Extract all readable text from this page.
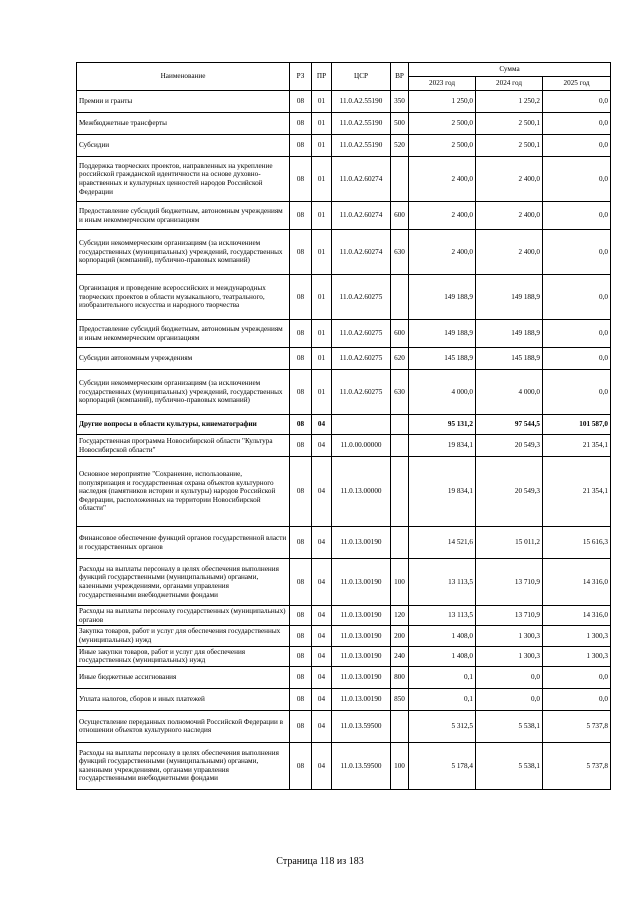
Наименование	РЗ	ПР	ЦСР	ВР	Сумма		
					2023 год	2024 год	2025 год
Премии и гранты	08	01	11.0.A2.55190	350	1 250,0	1 250,2	0,0
Межбюджетные трансферты	08	01	11.0.A2.55190	500	2 500,0	2 500,1	0,0
Субсидии	08	01	11.0.A2.55190	520	2 500,0	2 500,1	0,0
Поддержка творческих проектов, направленных на укрепление российской гражданской идентичности на основе духовно-нравственных и культурных ценностей народов Российской Федерации	08	01	11.0.A2.60274		2 400,0	2 400,0	0,0
Предоставление субсидий бюджетным, автономным учреждениям и иным некоммерческим организациям	08	01	11.0.A2.60274	600	2 400,0	2 400,0	0,0
Субсидии некоммерческим организациям (за исключением государственных (муниципальных) учреждений, государственных корпораций (компаний), публично-правовых компаний)	08	01	11.0.A2.60274	630	2 400,0	2 400,0	0,0
Организация и проведение всероссийских и международных творческих проектов в области музыкального, театрального, изобразительного искусства и народного творчества	08	01	11.0.A2.60275		149 188,9	149 188,9	0,0
Предоставление субсидий бюджетным, автономным учреждениям и иным некоммерческим организациям	08	01	11.0.A2.60275	600	149 188,9	149 188,9	0,0
Субсидии автономным учреждениям	08	01	11.0.A2.60275	620	145 188,9	145 188,9	0,0
Субсидии некоммерческим организациям (за исключением государственных (муниципальных) учреждений, государственных корпораций (компаний), публично-правовых компаний)	08	01	11.0.A2.60275	630	4 000,0	4 000,0	0,0
Другие вопросы в области культуры, кинематографии	08	04			95 131,2	97 544,5	101 587,0
Государственная программа Новосибирской области "Культура Новосибирской области"	08	04	11.0.00.00000		19 834,1	20 549,3	21 354,1
Основное мероприятие "Сохранение, использование, популяризация и государственная охрана объектов культурного наследия (памятников истории и культуры) народов Российской Федерации, расположенных на территории Новосибирской области"	08	04	11.0.13.00000		19 834,1	20 549,3	21 354,1
Финансовое обеспечение функций органов государственной власти и государственных органов	08	04	11.0.13.00190		14 521,6	15 011,2	15 616,3
Расходы на выплаты персоналу в целях обеспечения выполнения функций государственными (муниципальными) органами, казенными учреждениями, органами управления государственными внебюджетными фондами	08	04	11.0.13.00190	100	13 113,5	13 710,9	14 316,0
Расходы на выплаты персоналу государственных (муниципальных) органов	08	04	11.0.13.00190	120	13 113,5	13 710,9	14 316,0
Закупка товаров, работ и услуг для обеспечения государственных (муниципальных) нужд	08	04	11.0.13.00190	200	1 408,0	1 300,3	1 300,3
Иные закупки товаров, работ и услуг для обеспечения государственных (муниципальных) нужд	08	04	11.0.13.00190	240	1 408,0	1 300,3	1 300,3
Иные бюджетные ассигнования	08	04	11.0.13.00190	800	0,1	0,0	0,0
Уплата налогов, сборов и иных платежей	08	04	11.0.13.00190	850	0,1	0,0	0,0
Осуществление переданных полномочий Российской Федерации в отношении объектов культурного наследия	08	04	11.0.13.59500		5 312,5	5 538,1	5 737,8
Расходы на выплаты персоналу в целях обеспечения выполнения функций государственными (муниципальными) органами, казенными учреждениями, органами управления государственными внебюджетными фондами	08	04	11.0.13.59500	100	5 178,4	5 538,1	5 737,8
Страница 118 из 183
